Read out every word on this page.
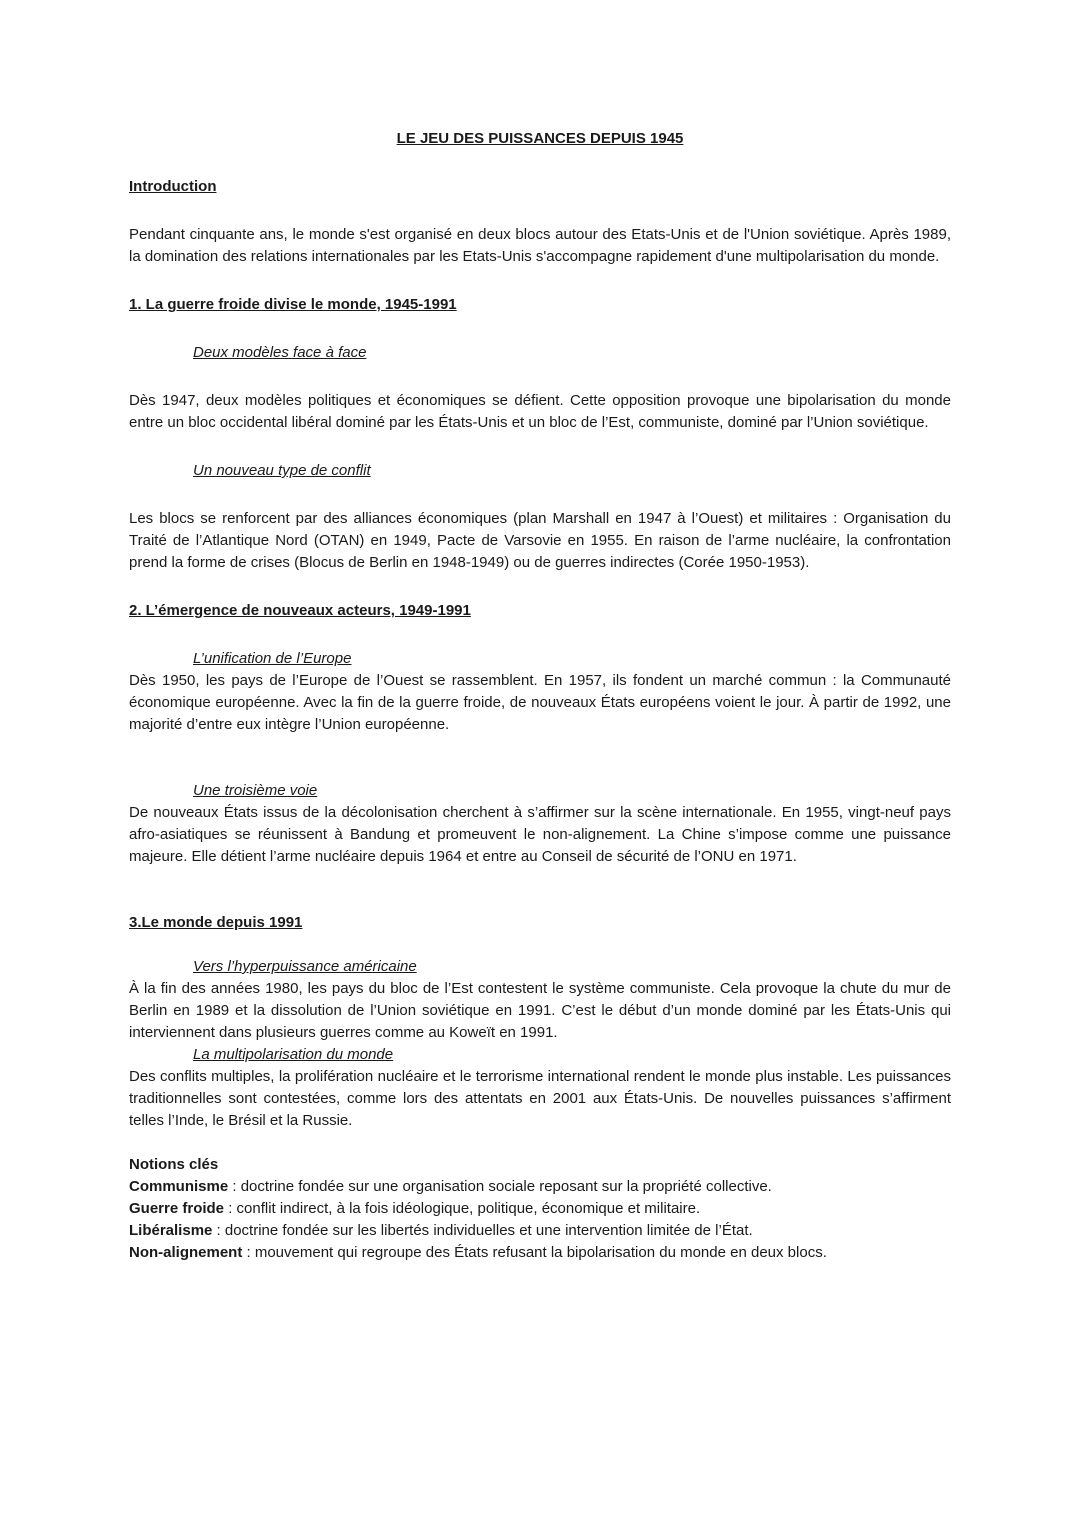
LE JEU DES PUISSANCES DEPUIS 1945

Introduction

Pendant cinquante ans, le monde s'est organisé en deux blocs autour des Etats-Unis et de l'Union soviétique. Après 1989, la domination des relations internationales par les Etats-Unis s'accompagne rapidement d'une multipolarisation du monde.

1. La guerre froide divise le monde, 1945-1991

Deux modèles face à face

Dès 1947, deux modèles politiques et économiques se défient. Cette opposition provoque une bipolarisation du monde entre un bloc occidental libéral dominé par les États-Unis et un bloc de l’Est, communiste, dominé par l’Union soviétique.

Un nouveau type de conflit

Les blocs se renforcent par des alliances économiques (plan Marshall en 1947 à l’Ouest) et militaires : Organisation du Traité de l’Atlantique Nord (OTAN) en 1949, Pacte de Varsovie en 1955. En raison de l’arme nucléaire, la confrontation prend la forme de crises (Blocus de Berlin en 1948-1949) ou de guerres indirectes (Corée 1950-1953).

2. L’émergence de nouveaux acteurs, 1949-1991

L’unification de l’Europe

Dès 1950, les pays de l’Europe de l’Ouest se rassemblent. En 1957, ils fondent un marché commun : la Communauté économique européenne. Avec la fin de la guerre froide, de nouveaux États européens voient le jour. À partir de 1992, une majorité d’entre eux intègre l’Union européenne.

Une troisième voie

De nouveaux États issus de la décolonisation cherchent à s’affirmer sur la scène internationale. En 1955, vingt-neuf pays afro-asiatiques se réunissent à Bandung et promeuvent le non-alignement. La Chine s’impose comme une puissance majeure. Elle détient l’arme nucléaire depuis 1964 et entre au Conseil de sécurité de l’ONU en 1971.

3.Le monde depuis 1991

Vers l’hyperpuissance américaine

À la fin des années 1980, les pays du bloc de l’Est contestent le système communiste. Cela provoque la chute du mur de Berlin en 1989 et la dissolution de l’Union soviétique en 1991. C’est le début d’un monde dominé par les États-Unis qui interviennent dans plusieurs guerres comme au Koweït en 1991.

La multipolarisation du monde

Des conflits multiples, la prolifération nucléaire et le terrorisme international rendent le monde plus instable. Les puissances traditionnelles sont contestées, comme lors des attentats en 2001 aux États-Unis. De nouvelles puissances s’affirment telles l’Inde, le Brésil et la Russie.

Notions clés

Communisme : doctrine fondée sur une organisation sociale reposant sur la propriété collective.
Guerre froide : conflit indirect, à la fois idéologique, politique, économique et militaire.
Libéralisme : doctrine fondée sur les libertés individuelles et une intervention limitée de l’État.
Non-alignement : mouvement qui regroupe des États refusant la bipolarisation du monde en deux blocs.
